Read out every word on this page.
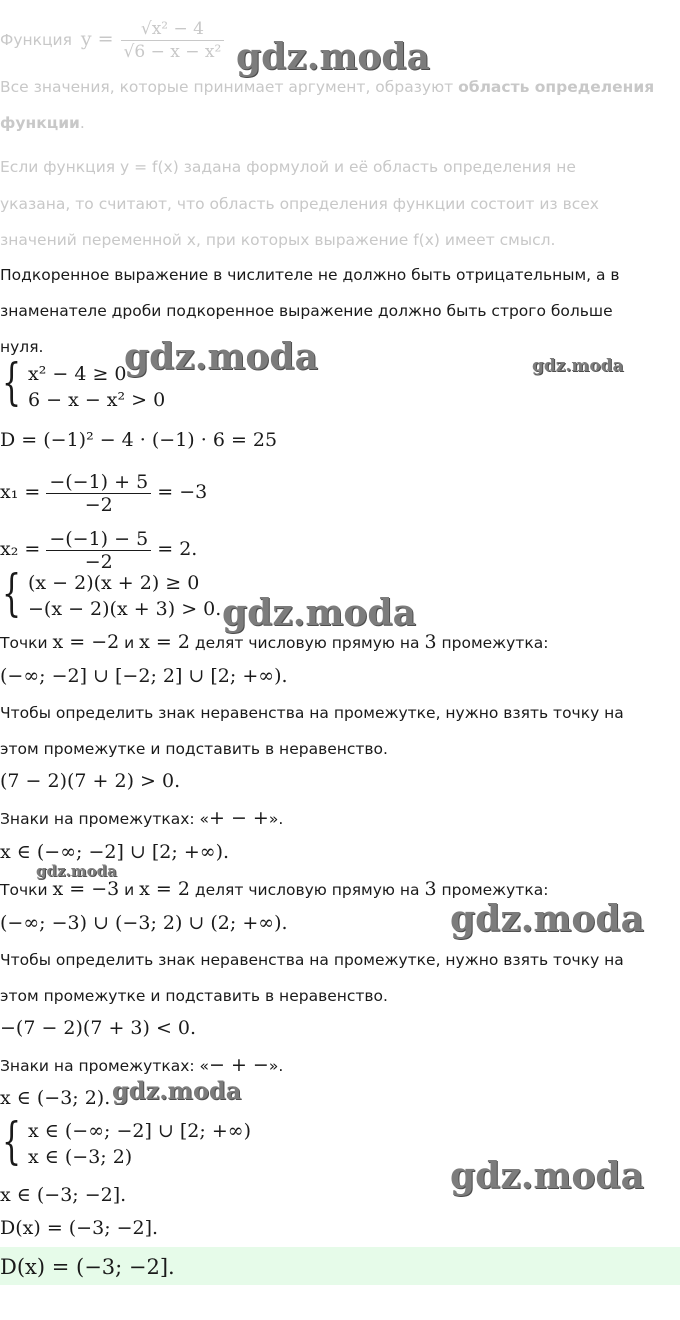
Функция $y = \frac{\text{√x² − 4}}{\text{√6 − x − x²}}$
Все значения, которые принимает аргумент, образуют область определения
функции.
Если функция y = f(x) задана формулой и её область определения не
указана, то считают, что область определения функции состоит из всех
значений переменной x, при которых выражение f(x) имеет смысл.
Подкоренное выражение в числителе не должно быть отрицательным, а в
знаменателе дроби подкоренное выражение должно быть строго больше
нуля.
{ x² − 4 ≥ 0
6 − x − x² > 0
D = (−1)² − 4 · (−1) · 6 = 25
$x_1 = \frac{-(-1) + 5}{-2} = -3$
$x_2 = \frac{-(-1) - 5}{-2} = 2$.
{ (x − 2)(x + 2) ≥ 0
−(x − 2)(x + 3) > 0.
Точки x = −2 и x = 2 делят числовую прямую на 3 промежутка:
(−∞; −2] ∪ [−2; 2] ∪ [2; +∞).
Чтобы определить знак неравенства на промежутке, нужно взять точку на
этом промежутке и подставить в неравенство.
(7 − 2)(7 + 2) > 0.
Знаки на промежутках: «+ − +».
x ∈ (−∞; −2] ∪ [2; +∞).
Точки x = −3 и x = 2 делят числовую прямую на 3 промежутка:
(−∞; −3) ∪ (−3; 2) ∪ (2; +∞).
Чтобы определить знак неравенства на промежутке, нужно взять точку на
этом промежутке и подставить в неравенство.
−(7 − 2)(7 + 3) < 0.
Знаки на промежутках: «− + −».
x ∈ (−3; 2).
{ x ∈ (−∞; −2] ∪ [2; +∞)
x ∈ (−3; 2)
x ∈ (−3; −2].
D(x) = (−3; −2].
D(x) = (−3; −2].
gdz.moda
gdz.moda	gdz.moda
gdz.moda
gdz.moda
gdz.moda
gdz.moda
gdz.moda
